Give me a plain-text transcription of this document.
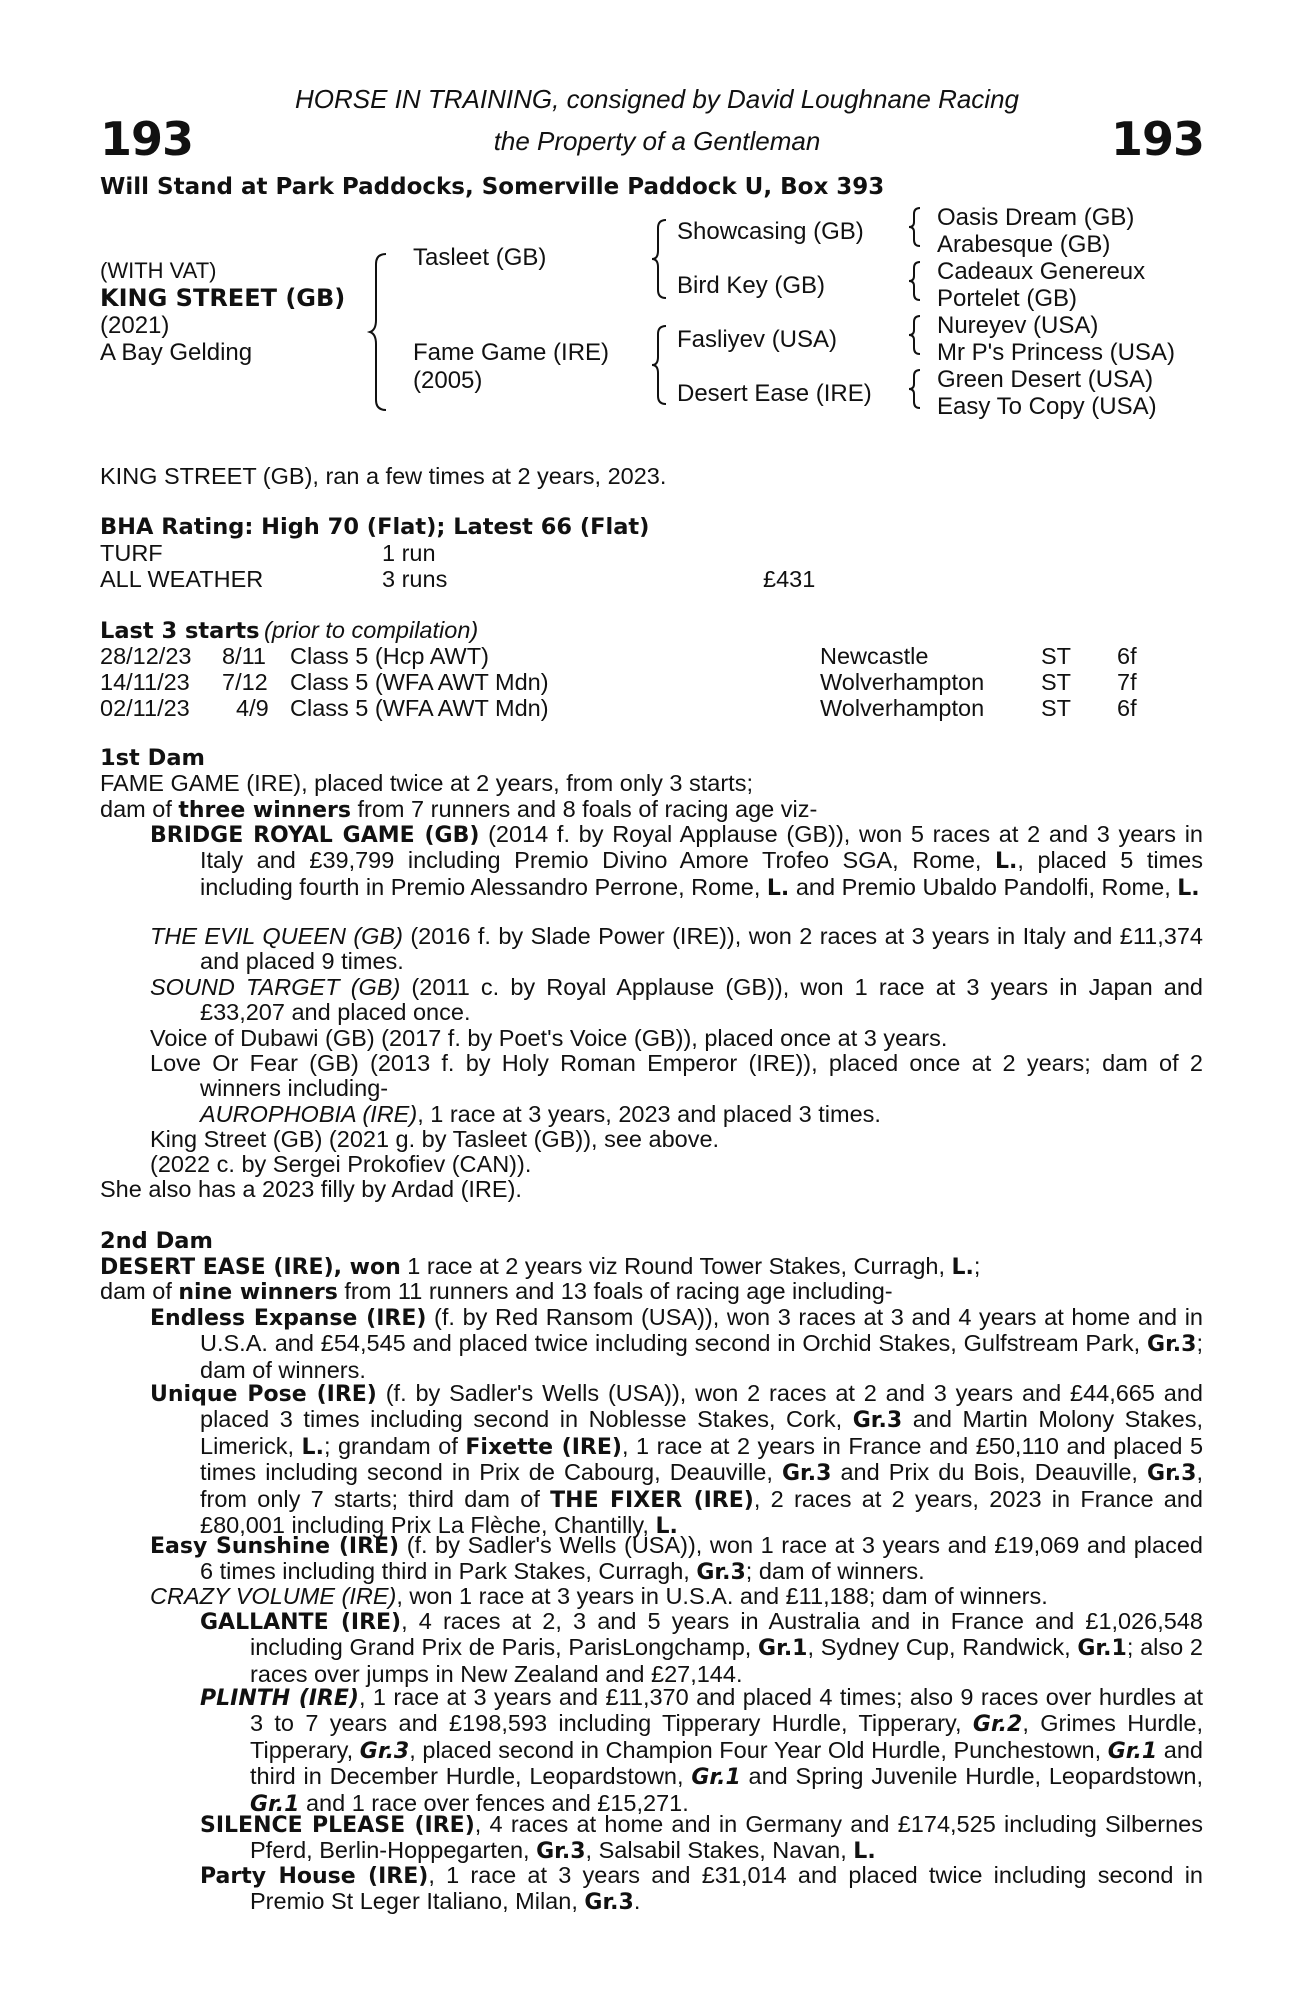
193	193
HORSE IN TRAINING, consigned by David Loughnane Racing
the Property of a Gentleman
Will Stand at Park Paddocks, Somerville Paddock U, Box 393
(WITH VAT)
KING STREET (GB)
(2021)
A Bay Gelding
Tasleet (GB)
Fame Game (IRE)
(2005)
Showcasing (GB)
Bird Key (GB)
Fasliyev (USA)
Desert Ease (IRE)
Oasis Dream (GB)
Arabesque (GB)
Cadeaux Genereux
Portelet (GB)
Nureyev (USA)
Mr P's Princess (USA)
Green Desert (USA)
Easy To Copy (USA)
KING STREET (GB), ran a few times at 2 years, 2023.
BHA Rating: High 70 (Flat); Latest 66 (Flat)
TURF	1 run
ALL WEATHER	3 runs	£431
Last 3 starts (prior to compilation)
28/12/23 8/11 Class 5 (Hcp AWT)	Newcastle	ST 6f
14/11/23 7/12 Class 5 (WFA AWT Mdn)	Wolverhampton ST 7f
02/11/23 4/9 Class 5 (WFA AWT Mdn)	Wolverhampton ST 6f
1st Dam
FAME GAME (IRE), placed twice at 2 years, from only 3 starts;
dam of three winners from 7 runners and 8 foals of racing age viz-
BRIDGE ROYAL GAME (GB) (2014 f. by Royal Applause (GB)), won 5 races at 2 and 3 years in Italy and £39,799 including Premio Divino Amore Trofeo SGA, Rome, L., placed 5 times including fourth in Premio Alessandro Perrone, Rome, L. and Premio Ubaldo Pandolfi, Rome, L.
THE EVIL QUEEN (GB) (2016 f. by Slade Power (IRE)), won 2 races at 3 years in Italy and £11,374 and placed 9 times.
SOUND TARGET (GB) (2011 c. by Royal Applause (GB)), won 1 race at 3 years in Japan and £33,207 and placed once.
Voice of Dubawi (GB) (2017 f. by Poet's Voice (GB)), placed once at 3 years.
Love Or Fear (GB) (2013 f. by Holy Roman Emperor (IRE)), placed once at 2 years; dam of 2 winners including-
AUROPHOBIA (IRE), 1 race at 3 years, 2023 and placed 3 times.
King Street (GB) (2021 g. by Tasleet (GB)), see above.
(2022 c. by Sergei Prokofiev (CAN)).
She also has a 2023 filly by Ardad (IRE).
2nd Dam
DESERT EASE (IRE), won 1 race at 2 years viz Round Tower Stakes, Curragh, L.;
dam of nine winners from 11 runners and 13 foals of racing age including-
Endless Expanse (IRE) (f. by Red Ransom (USA)), won 3 races at 3 and 4 years at home and in U.S.A. and £54,545 and placed twice including second in Orchid Stakes, Gulfstream Park, Gr.3; dam of winners.
Unique Pose (IRE) (f. by Sadler's Wells (USA)), won 2 races at 2 and 3 years and £44,665 and placed 3 times including second in Noblesse Stakes, Cork, Gr.3 and Martin Molony Stakes, Limerick, L.; grandam of Fixette (IRE), 1 race at 2 years in France and £50,110 and placed 5 times including second in Prix de Cabourg, Deauville, Gr.3 and Prix du Bois, Deauville, Gr.3, from only 7 starts; third dam of THE FIXER (IRE), 2 races at 2 years, 2023 in France and £80,001 including Prix La Flèche, Chantilly, L.
Easy Sunshine (IRE) (f. by Sadler's Wells (USA)), won 1 race at 3 years and £19,069 and placed 6 times including third in Park Stakes, Curragh, Gr.3; dam of winners.
CRAZY VOLUME (IRE), won 1 race at 3 years in U.S.A. and £11,188; dam of winners.
GALLANTE (IRE), 4 races at 2, 3 and 5 years in Australia and in France and £1,026,548 including Grand Prix de Paris, ParisLongchamp, Gr.1, Sydney Cup, Randwick, Gr.1; also 2 races over jumps in New Zealand and £27,144.
PLINTH (IRE), 1 race at 3 years and £11,370 and placed 4 times; also 9 races over hurdles at 3 to 7 years and £198,593 including Tipperary Hurdle, Tipperary, Gr.2, Grimes Hurdle, Tipperary, Gr.3, placed second in Champion Four Year Old Hurdle, Punchestown, Gr.1 and third in December Hurdle, Leopardstown, Gr.1 and Spring Juvenile Hurdle, Leopardstown, Gr.1 and 1 race over fences and £15,271.
SILENCE PLEASE (IRE), 4 races at home and in Germany and £174,525 including Silbernes Pferd, Berlin-Hoppegarten, Gr.3, Salsabil Stakes, Navan, L.
Party House (IRE), 1 race at 3 years and £31,014 and placed twice including second in Premio St Leger Italiano, Milan, Gr.3.
